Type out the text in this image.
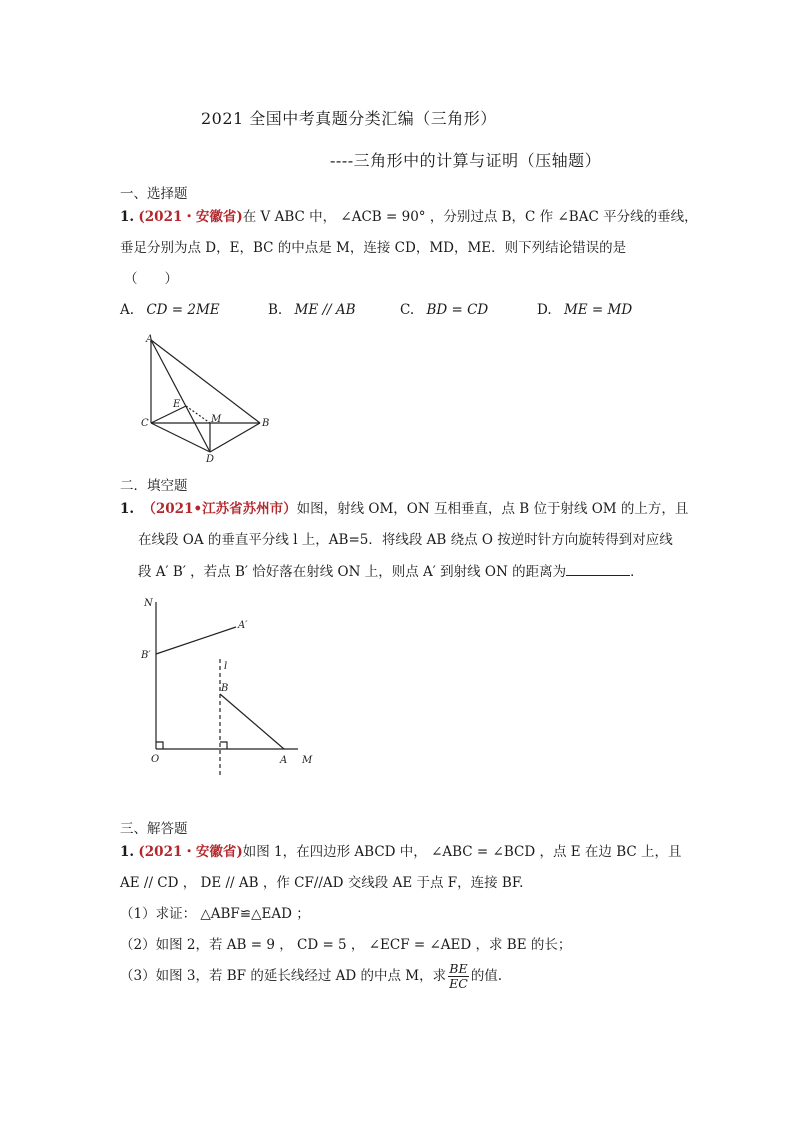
2021 全国中考真题分类汇编（三角形）
----三角形中的计算与证明（压轴题）
一、选择题
1. (2021・安徽省)在 V ABC 中， ∠ACB = 90° ，分别过点 B，C 作 ∠BAC 平分线的垂线，
垂足分别为点 D，E，BC 的中点是 M，连接 CD，MD，ME．则下列结论错误的是
（　　）
A. CD = 2ME	B. ME // AB	C. BD = CD	D. ME = MD
A
C	B
E
M
D
二．填空题
1. （2021•江苏省苏州市）如图，射线 OM，ON 互相垂直，点 B 位于射线 OM 的上方，且
在线段 OA 的垂直平分线 l 上，AB=5．将线段 AB 绕点 O 按逆时针方向旋转得到对应线
段 A′ B′ ，若点 B′ 恰好落在射线 ON 上，则点 A′ 到射线 ON 的距离为	．
N
A′
B′
l
B
O	A M
三、解答题
1. (2021・安徽省)如图 1，在四边形 ABCD 中， ∠ABC = ∠BCD ，点 E 在边 BC 上，且
AE // CD ， DE // AB ，作 CF//AD 交线段 AE 于点 F，连接 BF.
（1）求证： △ABF≌△EAD ；
（2）如图 2，若 AB = 9 ， CD = 5 ， ∠ECF = ∠AED ，求 BE 的长；
（3）如图 3，若 BF 的延长线经过 AD 的中点 M，求 $\frac{BE}{EC}$ 的值.
